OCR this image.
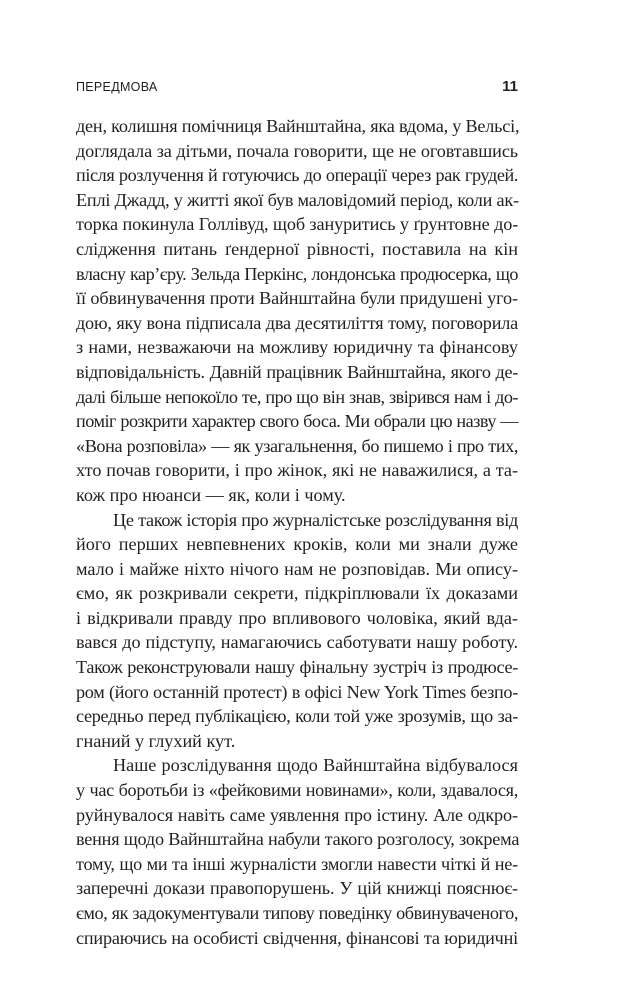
ПЕРЕДМОВА	11
ден, колишня помічниця Вайнштайна, яка вдома, у Вельсі,
доглядала за дітьми, почала говорити, ще не оговтавшись
після розлучення й готуючись до операції через рак грудей.
Еплі Джадд, у житті якої був маловідомий період, коли ак-
торка покинула Голлівуд, щоб зануритись у ґрунтовне до-
слідження питань ґендерної рівності, поставила на кін
власну кар’єру. Зельда Перкінс, лондонська продюсерка, що
її обвинувачення проти Вайнштайна були придушені уго-
дою, яку вона підписала два десятиліття тому, поговорила
з нами, незважаючи на можливу юридичну та фінансову
відповідальність. Давній працівник Вайнштайна, якого де-
далі більше непокоїло те, про що він знав, звірився нам і до-
поміг розкрити характер свого боса. Ми обрали цю назву —
«Вона розповіла» — як узагальнення, бо пишемо і про тих,
хто почав говорити, і про жінок, які не наважилися, а та-
кож про нюанси — як, коли і чому.
Це також історія про журналістське розслідування від
його перших невпевнених кроків, коли ми знали дуже
мало і майже ніхто нічого нам не розповідав. Ми опису-
ємо, як розкривали секрети, підкріплювали їх доказами
і відкривали правду про впливового чоловіка, який вда-
вався до підступу, намагаючись саботувати нашу роботу.
Також реконструювали нашу фінальну зустріч із продюсе-
ром (його останній протест) в офісі New York Times безпо-
середньо перед публікацією, коли той уже зрозумів, що за-
гнаний у глухий кут.
Наше розслідування щодо Вайнштайна відбувалося
у час боротьби із «фейковими новинами», коли, здавалося,
руйнувалося навіть саме уявлення про істину. Але одкро-
вення щодо Вайнштайна набули такого розголосу, зокрема
тому, що ми та інші журналісти змогли навести чіткі й не-
заперечні докази правопорушень. У цій книжці пояснює-
ємо, як задокументували типову поведінку обвинуваченого,
спираючись на особисті свідчення, фінансові та юридичні
